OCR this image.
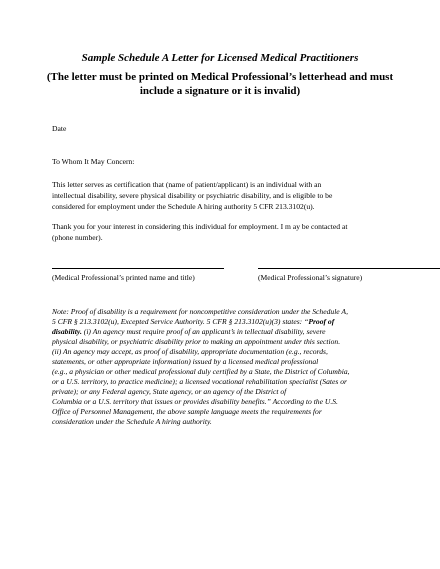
Sample Schedule A Letter for Licensed Medical Practitioners
(The letter must be printed on Medical Professional’s letterhead and must
include a signature or it is invalid)
Date
To Whom It May Concern:
This letter serves as certification that (name of patient/applicant) is an individual with an
intellectual disability, severe physical disability or psychiatric disability, and is eligible to be
considered for employment under the Schedule A hiring authority 5 CFR 213.3102(u).
Thank you for your interest in considering this individual for employment. I m ay be contacted at
(phone number).
(Medical Professional’s printed name and title)	(Medical Professional’s signature)
Note: Proof of disability is a requirement for noncompetitive consideration under the Schedule A,
5 CFR § 213.3102(u), Excepted Service Authority. 5 CFR § 213.3102(u)(3) states: “Proof of
disability. (i) An agency must require proof of an applicant’s in tellectual disability, severe
physical disability, or psychiatric disability prior to making an appointment under this section.
(ii) An agency may accept, as proof of disability, appropriate documentation (e.g., records,
statements, or other appropriate information) issued by a licensed medical professional
(e.g., a physician or other medical professional duly certified by a State, the District of Columbia,
or a U.S. territory, to practice medicine); a licensed vocational rehabilitation specialist (Sates or
private); or any Federal agency, State agency, or an agency of the District of
Columbia or a U.S. territory that issues or provides disability benefits.” According to the U.S.
Office of Personnel Management, the above sample language meets the requirements for
consideration under the Schedule A hiring authority.
